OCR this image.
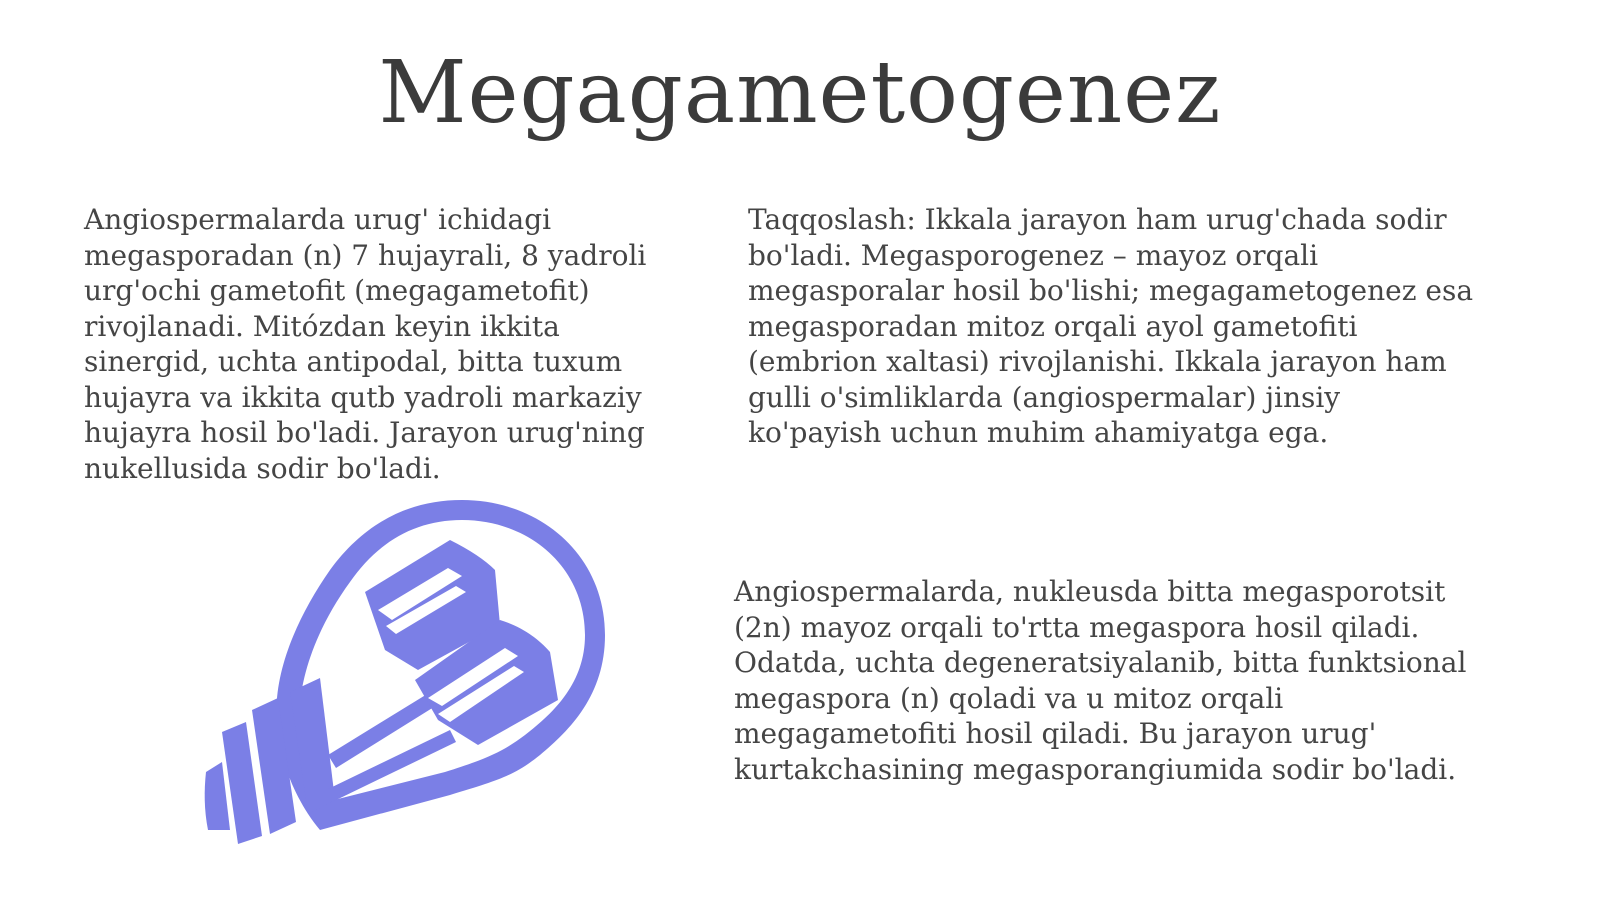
Megagametogenez

Angiospermalarda urug' ichidagi
megasporadan (n) 7 hujayrali, 8 yadroli
urg'ochi gametofit (megagametofit)
rivojlanadi. Mitózdan keyin ikkita
sinergid, uchta antipodal, bitta tuxum
hujayra va ikkita qutb yadroli markaziy
hujayra hosil bo'ladi. Jarayon urug'ning
nukellusida sodir bo'ladi.

Taqqoslash: Ikkala jarayon ham urug'chada sodir
bo'ladi. Megasporogenez – mayoz orqali
megasporalar hosil bo'lishi; megagametogenez esa
megasporadan mitoz orqali ayol gametofiti
(embrion xaltasi) rivojlanishi. Ikkala jarayon ham
gulli o'simliklarda (angiospermalar) jinsiy
ko'payish uchun muhim ahamiyatga ega.

Angiospermalarda, nukleusda bitta megasporotsit
(2n) mayoz orqali to'rtta megaspora hosil qiladi.
Odatda, uchta degeneratsiyalanib, bitta funktsional
megaspora (n) qoladi va u mitoz orqali
megagametofiti hosil qiladi. Bu jarayon urug'
kurtakchasining megasporangiumida sodir bo'ladi.
